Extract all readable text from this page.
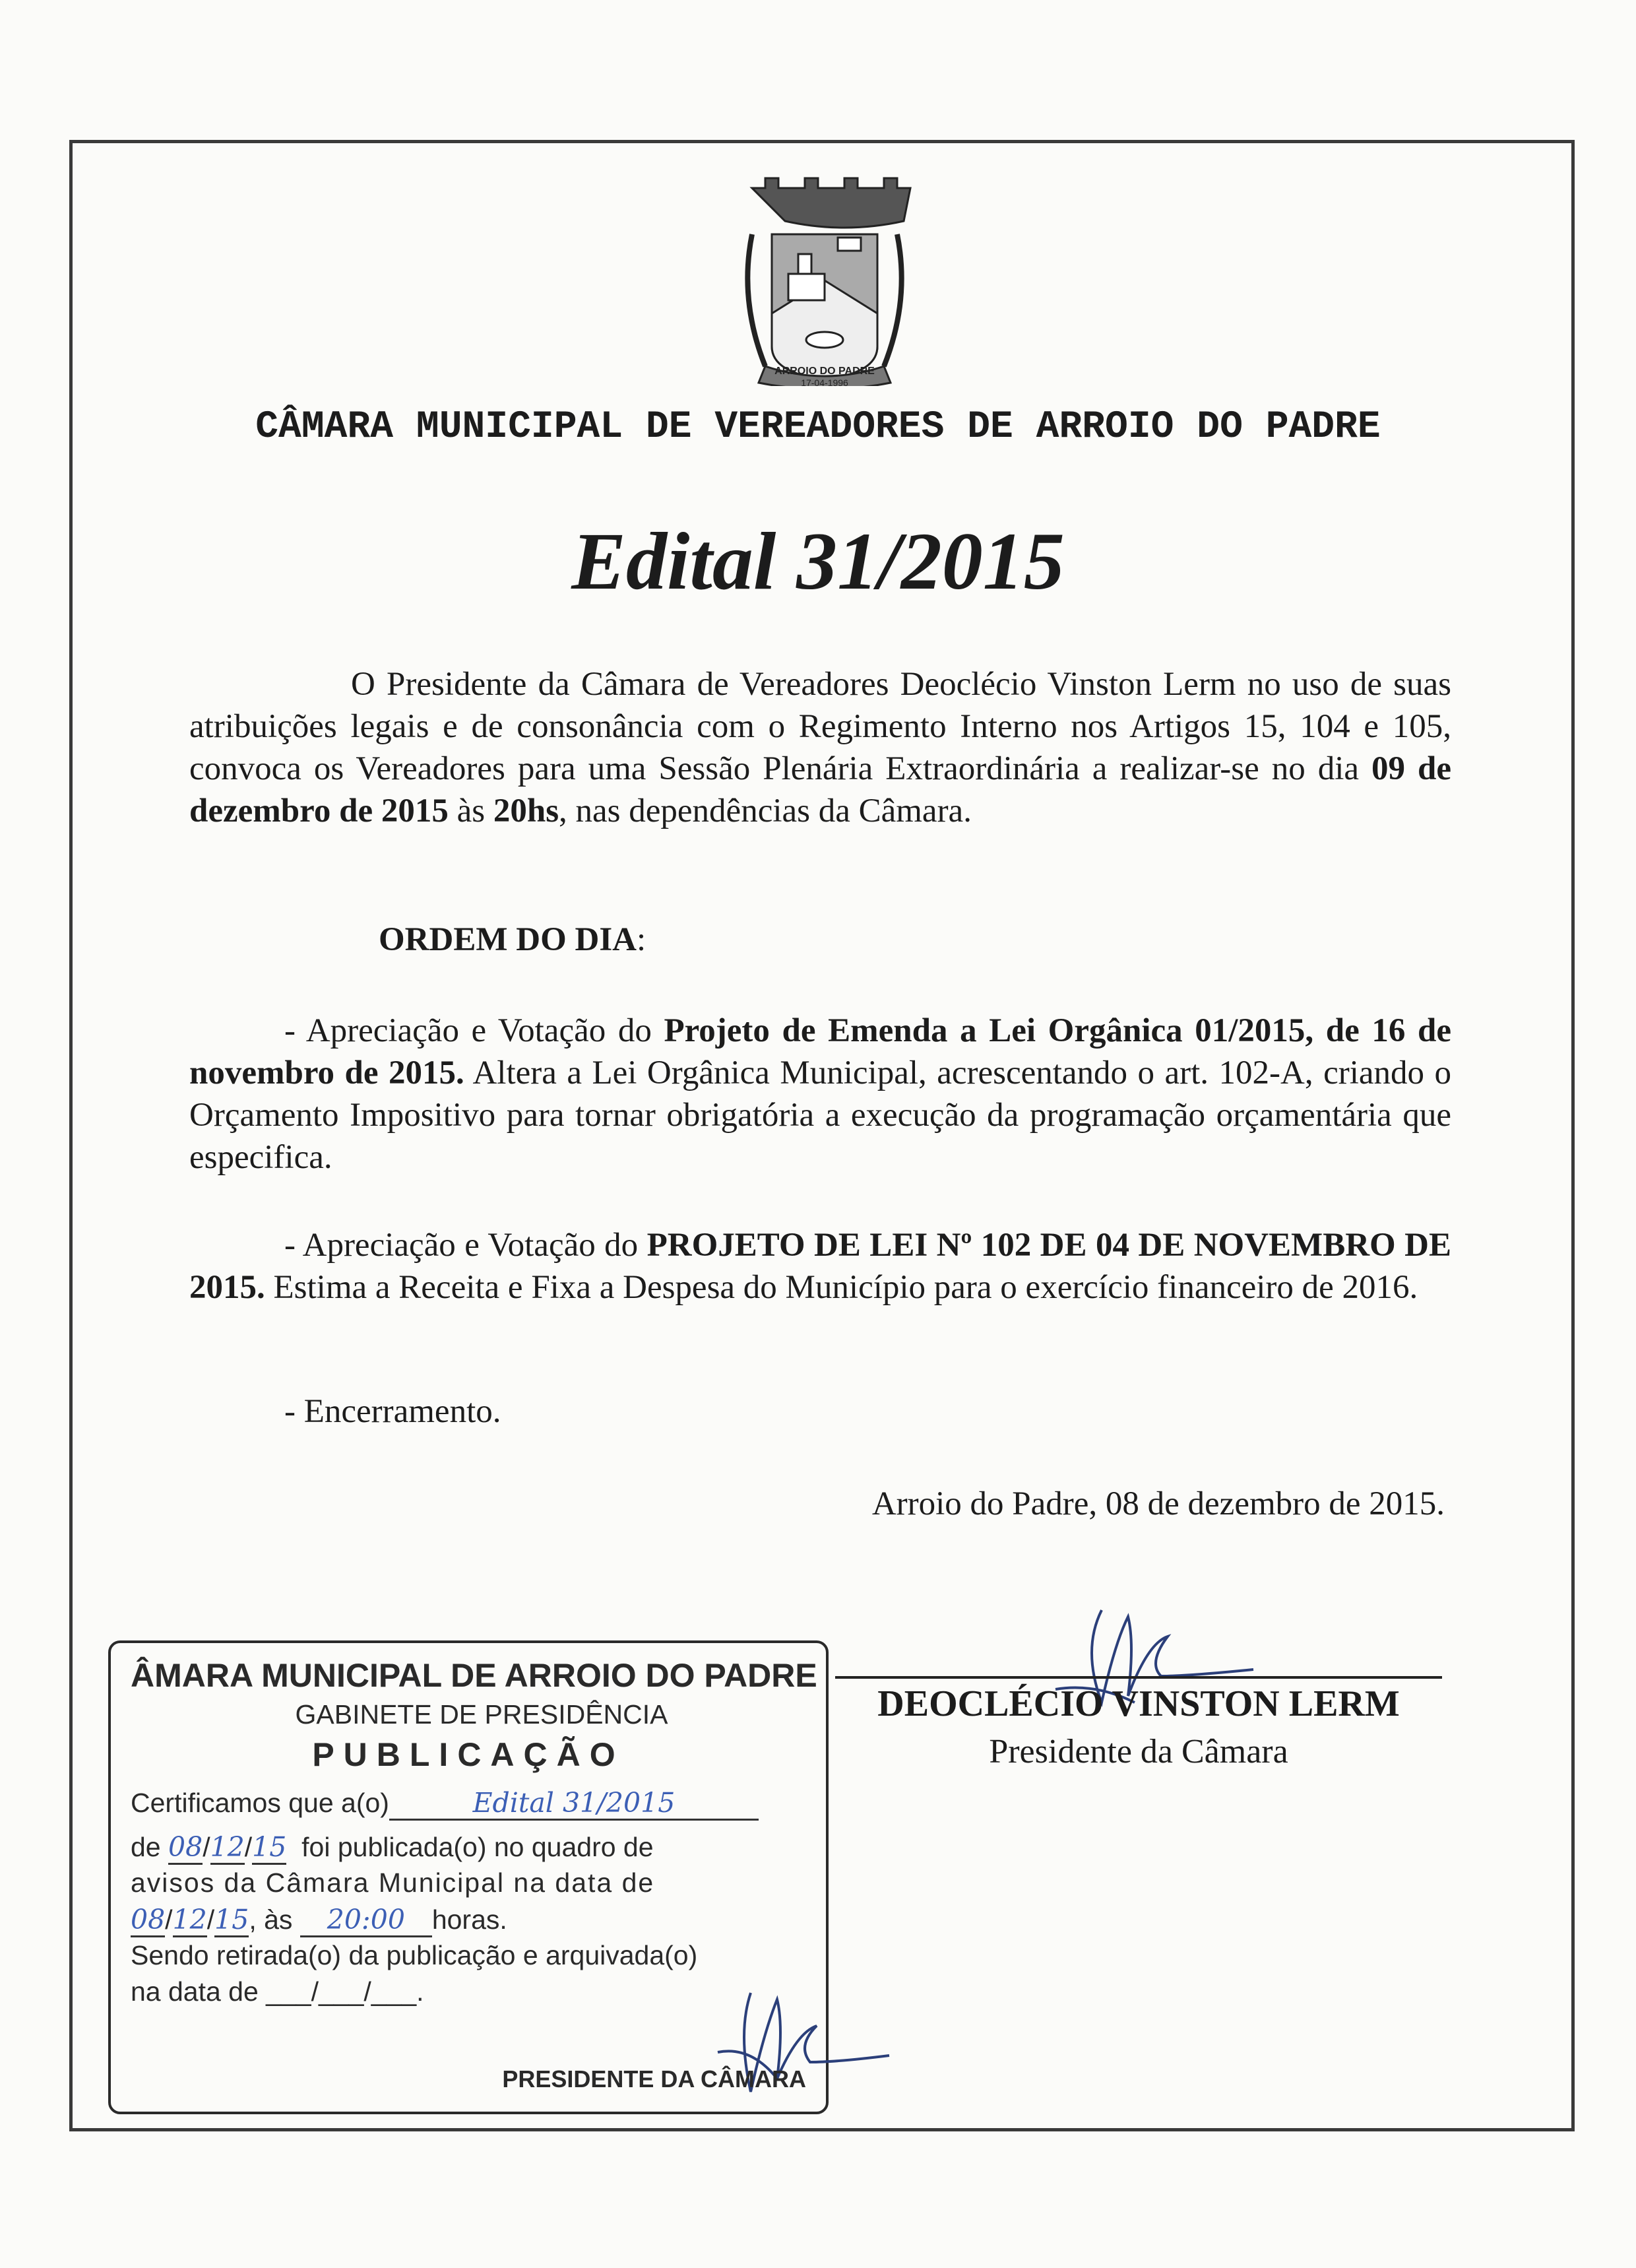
ARROIO DO PADRE
17-04-1996
CÂMARA MUNICIPAL DE VEREADORES DE ARROIO DO PADRE
Edital 31/2015
O Presidente da Câmara de Vereadores Deoclécio Vinston Lerm no uso de suas atribuições legais e de consonância com o Regimento Interno nos Artigos 15, 104 e 105, convoca os Vereadores para uma Sessão Plenária Extraordinária a realizar-se no dia 09 de dezembro de 2015 às 20hs, nas dependências da Câmara.
ORDEM DO DIA:
- Apreciação e Votação do Projeto de Emenda a Lei Orgânica 01/2015, de 16 de novembro de 2015. Altera a Lei Orgânica Municipal, acrescentando o art. 102-A, criando o Orçamento Impositivo para tornar obrigatória a execução da programação orçamentária que especifica.
- Apreciação e Votação do PROJETO DE LEI Nº 102 DE 04 DE NOVEMBRO DE 2015. Estima a Receita e Fixa a Despesa do Município para o exercício financeiro de 2016.
- Encerramento.
Arroio do Padre, 08 de dezembro de 2015.
DEOCLÉCIO VINSTON LERM
Presidente da Câmara
ÂMARA MUNICIPAL DE ARROIO DO PADRE
GABINETE DE PRESIDÊNCIA
PUBLICAÇÃO
Certificamos que a(o)	Edital 31/2015
de 08/12/15 foi publicada(o) no quadro de
avisos da Câmara Municipal na data de
08/12/15, às 20:00 horas.
Sendo retirada(o) da publicação e arquivada(o)
na data de ___/___/___.
PRESIDENTE DA CÂMARA
